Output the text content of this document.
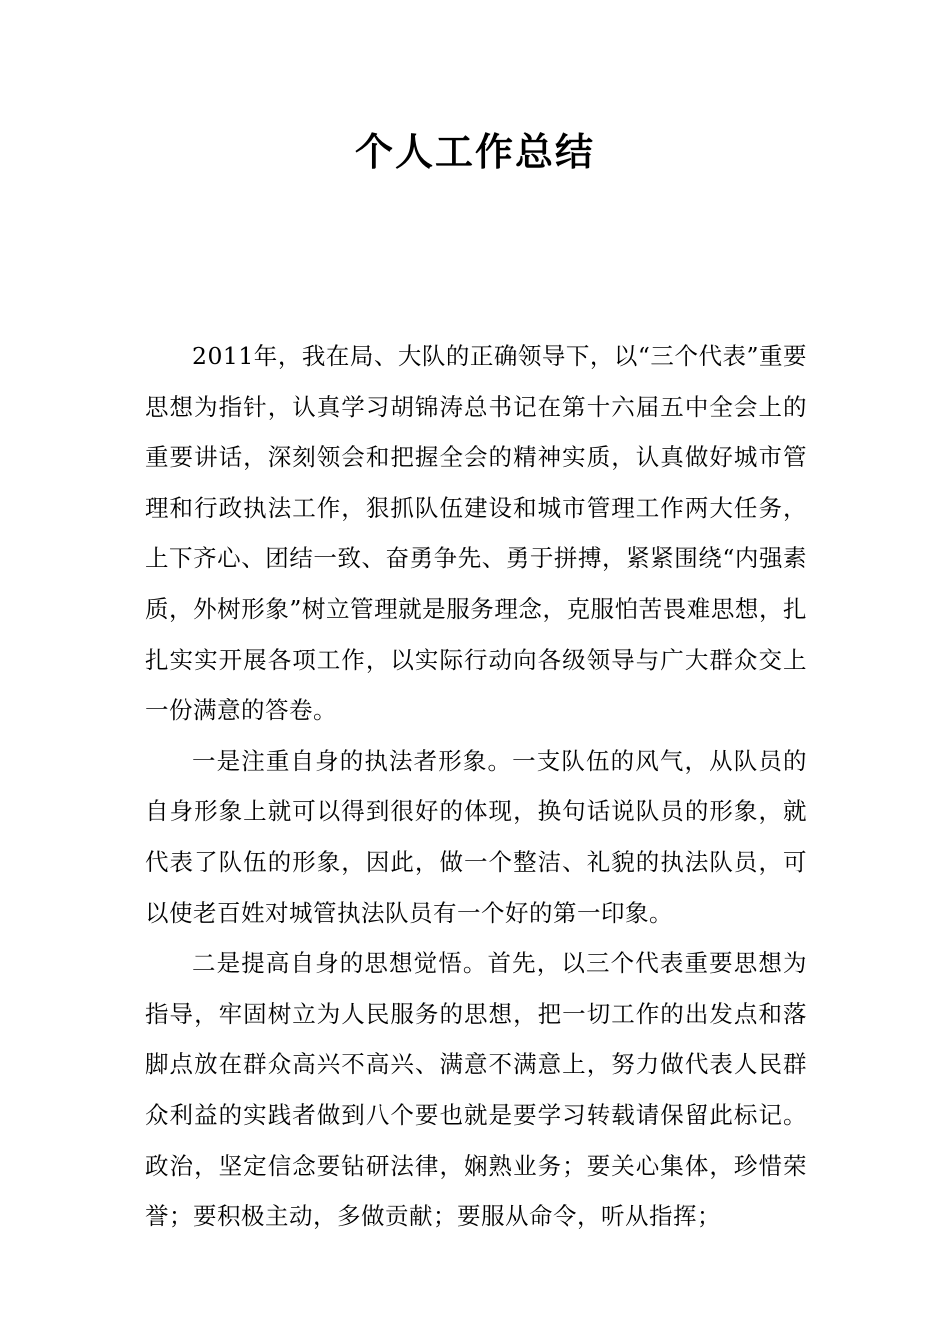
个人工作总结

2011年，我在局、大队的正确领导下，以“三个代表”重要思想为指针，认真学习胡锦涛总书记在第十六届五中全会上的重要讲话，深刻领会和把握全会的精神实质，认真做好城市管理和行政执法工作，狠抓队伍建设和城市管理工作两大任务，上下齐心、团结一致、奋勇争先、勇于拼搏，紧紧围绕“内强素质，外树形象”树立管理就是服务理念，克服怕苦畏难思想，扎扎实实开展各项工作，以实际行动向各级领导与广大群众交上一份满意的答卷。

一是注重自身的执法者形象。一支队伍的风气，从队员的自身形象上就可以得到很好的体现，换句话说队员的形象，就代表了队伍的形象，因此，做一个整洁、礼貌的执法队员，可以使老百姓对城管执法队员有一个好的第一印象。

二是提高自身的思想觉悟。首先，以三个代表重要思想为指导，牢固树立为人民服务的思想，把一切工作的出发点和落脚点放在群众高兴不高兴、满意不满意上，努力做代表人民群众利益的实践者做到八个要也就是要学习转载请保留此标记。政治，坚定信念要钻研法律，娴熟业务；要关心集体，珍惜荣誉；要积极主动，多做贡献；要服从命令，听从指挥；
